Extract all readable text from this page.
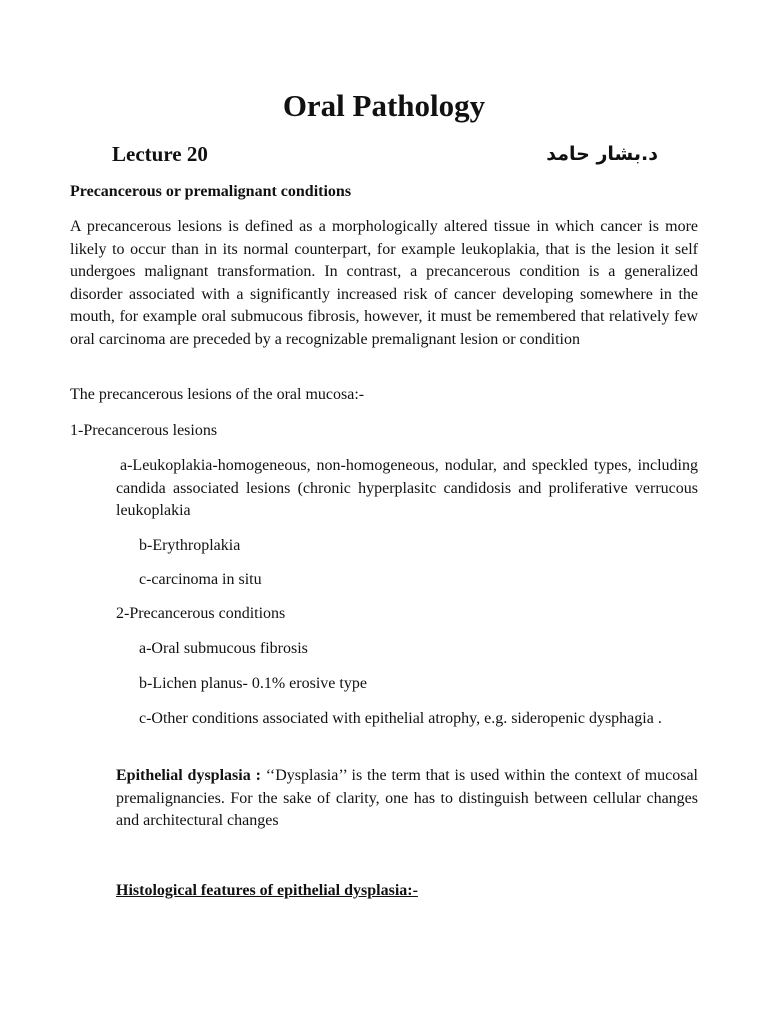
Oral Pathology
Lecture 20	د.بشار حامد
Precancerous or premalignant conditions
A precancerous lesions is defined as a morphologically altered tissue in which cancer is more likely to occur than in its normal counterpart, for example leukoplakia, that is the lesion it self undergoes malignant transformation. In contrast, a precancerous condition is a generalized disorder associated with a significantly increased risk of cancer developing somewhere in the mouth, for example oral submucous fibrosis, however, it must be remembered that relatively few oral carcinoma are preceded by a recognizable premalignant lesion or condition
The precancerous lesions of the oral mucosa:-
1-Precancerous lesions
a-Leukoplakia-homogeneous, non-homogeneous, nodular, and speckled types, including candida associated lesions (chronic hyperplasitc candidosis and proliferative verrucous leukoplakia
b-Erythroplakia
c-carcinoma in situ
2-Precancerous conditions
a-Oral submucous fibrosis
b-Lichen planus- 0.1% erosive type
c-Other conditions associated with epithelial atrophy, e.g. sideropenic dysphagia .
Epithelial dysplasia : ‘‘Dysplasia’’ is the term that is used within the context of mucosal premalignancies. For the sake of clarity, one has to distinguish between cellular changes and architectural changes
Histological features of epithelial dysplasia:-
